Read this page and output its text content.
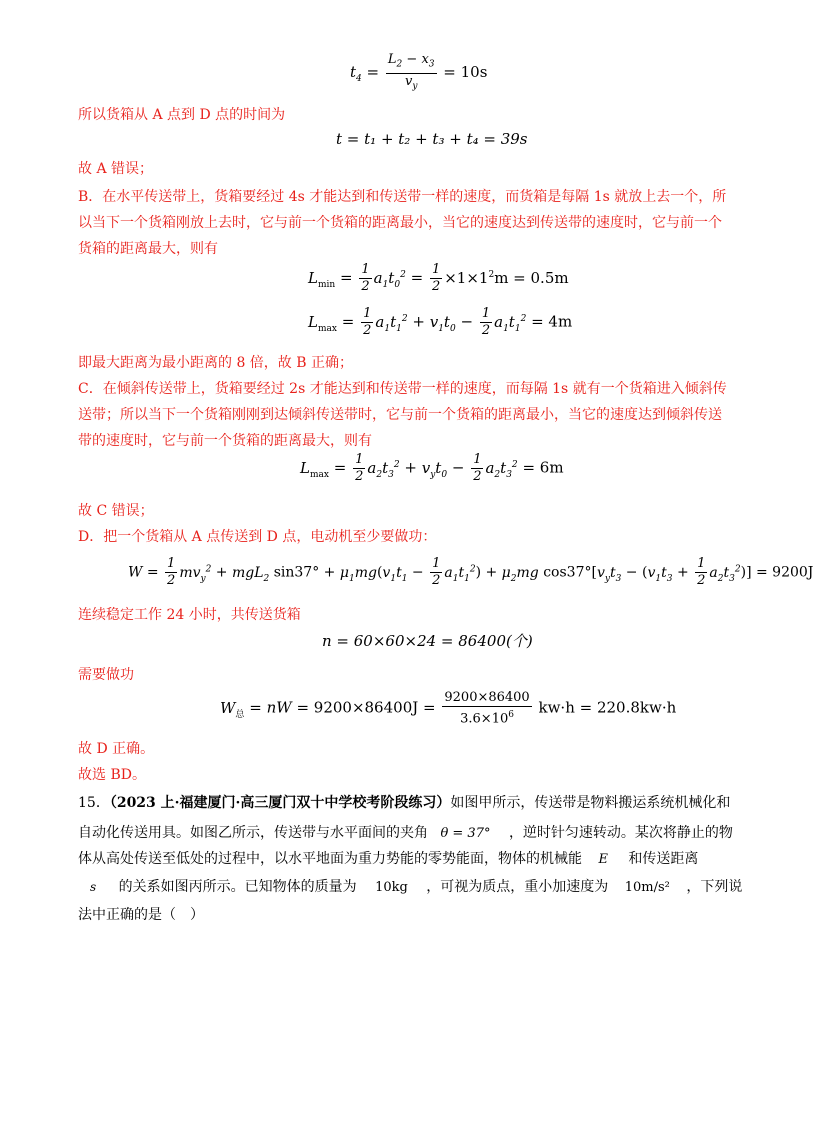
$t_4 = \frac{L_2 - x_3}{v_y} = 10s$
所以货箱从 A 点到 D 点的时间为
t = t₁ + t₂ + t₃ + t₄ = 39s
故 A 错误；
B．在水平传送带上，货箱要经过 4s 才能达到和传送带一样的速度，而货箱是每隔 1s 就放上去一个，所
以当下一个货箱刚放上去时，它与前一个货箱的距离最小，当它的速度达到传送带的速度时，它与前一个
货箱的距离最大，则有
$L_{min} = \frac{1}{2} a_1t_0^2 = \frac{1}{2} \times 1\times 1^2m = 0.5m$
$L_{max} = \frac{1}{2} a_1t_1^2 + v_1t_0 - \frac{1}{2} a_1t_1^2 = 4m$
即最大距离为最小距离的 8 倍，故 B 正确；
C．在倾斜传送带上，货箱要经过 2s 才能达到和传送带一样的速度，而每隔 1s 就有一个货箱进入倾斜传
送带；所以当下一个货箱刚刚到达倾斜传送带时，它与前一个货箱的距离最小，当它的速度达到倾斜传送
带的速度时，它与前一个货箱的距离最大，则有
$L_{max} = \frac{1}{2} a_2t_3^2 + v_yt_0 - \frac{1}{2} a_2t_3^2 = 6m$
故 C 错误；
D．把一个货箱从 A 点传送到 D 点，电动机至少要做功：
$W = \frac{1}{2} mv_y^2 + mgL_2$ $\sin 37^\circ + \mu_1mg(v_1t_1 - \frac{1}{2} a_1t_1^2) + \mu_2mg$ $\cos 37^\circ[v_yt_3 - (v_1t_3 + \frac{1}{2} a_2t_3^2)] = 9200J$
连续稳定工作 24 小时，共传送货箱
n = 60×60×24 = 86400(个)
需要做功
$W_总$ = nW = $9200\times 86400J = \frac{9200\times 86400}{3.6\times 10^6} kw\cdot h = 220.8kw\cdot h$
故 D 正确。
故选 BD。
15．（2023 上·福建厦门·高三厦门双十中学校考阶段练习）如图甲所示，传送带是物料搬运系统机械化和
自动化传送用具。如图乙所示，传送带与水平面间的夹角 θ = 37° ，逆时针匀速转动。某次将静止的物
体从高处传送至低处的过程中，以水平地面为重力势能的零势能面，物体的机械能 E 和传送距离
s 的关系如图丙所示。已知物体的质量为 10kg ，可视为质点，重小加速度为 10m/s² ，下列说
法中正确的是（　）
